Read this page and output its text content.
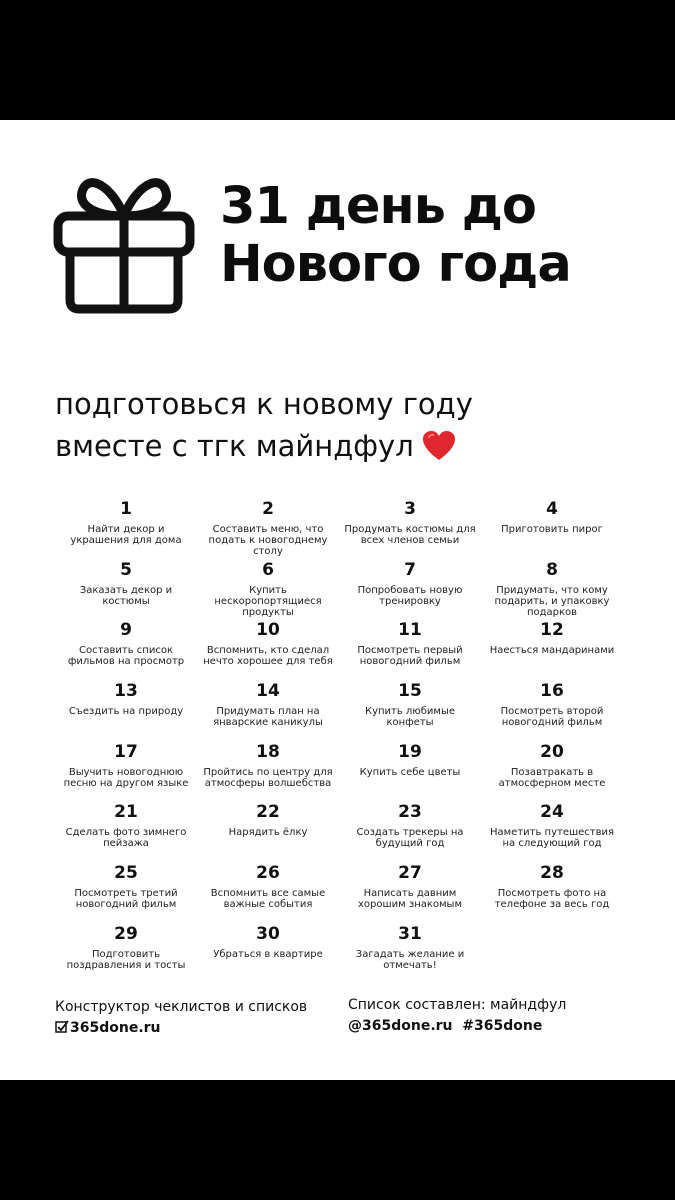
31 день до
Нового года
подготовься к новому году
вместе с тгк майндфул
1
Найти декор и украшения для дома
2
Составить меню, что подать к новогоднему столу
3
Продумать костюмы для всех членов семьи
4
Приготовить пирог
5
Заказать декор и костюмы
6
Купить нескоропортящиеся продукты
7
Попробовать новую тренировку
8
Придумать, что кому подарить, и упаковку подарков
9
Составить список фильмов на просмотр
10
Вспомнить, кто сделал нечто хорошее для тебя
11
Посмотреть первый новогодний фильм
12
Наесться мандаринами
13
Съездить на природу
14
Придумать план на январские каникулы
15
Купить любимые конфеты
16
Посмотреть второй новогодний фильм
17
Выучить новогоднюю песню на другом языке
18
Пройтись по центру для атмосферы волшебства
19
Купить себе цветы
20
Позавтракать в атмосферном месте
21
Сделать фото зимнего пейзажа
22
Нарядить ёлку
23
Создать трекеры на будущий год
24
Наметить путешествия на следующий год
25
Посмотреть третий новогодний фильм
26
Вспомнить все самые важные события
27
Написать давним хорошим знакомым
28
Посмотреть фото на телефоне за весь год
29
Подготовить поздравления и тосты
30
Убраться в квартире
31
Загадать желание и отмечать!
Конструктор чеклистов и списков
365done.ru
Список составлен: майндфул
@365done.ru  #365done
